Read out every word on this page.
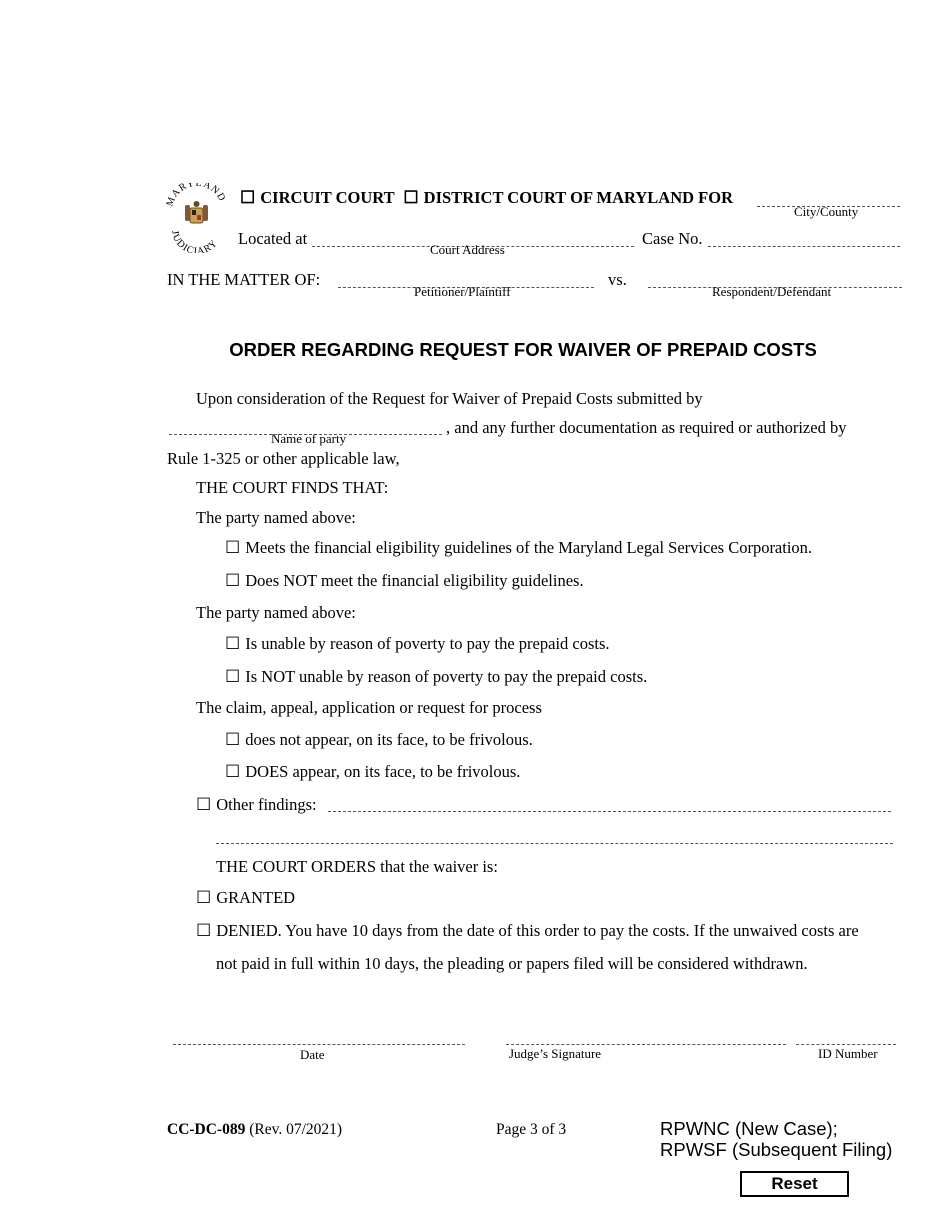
ARYLAND
JUDICIARY
☐ CIRCUIT COURT ☐ DISTRICT COURT OF MARYLAND FOR
City/County
Located at
Court Address
Case No.
IN THE MATTER OF:
Petitioner/Plaintiff
vs.
Respondent/Defendant
ORDER REGARDING REQUEST FOR WAIVER OF PREPAID COSTS
Upon consideration of the Request for Waiver of Prepaid Costs submitted by
Name of party
, and any further documentation as required or authorized by
Rule 1-325 or other applicable law,
THE COURT FINDS THAT:
The party named above:
☐ Meets the financial eligibility guidelines of the Maryland Legal Services Corporation.
☐ Does NOT meet the financial eligibility guidelines.
The party named above:
☐ Is unable by reason of poverty to pay the prepaid costs.
☐ Is NOT unable by reason of poverty to pay the prepaid costs.
The claim, appeal, application or request for process
☐ does not appear, on its face, to be frivolous.
☐ DOES appear, on its face, to be frivolous.
☐ Other findings:
THE COURT ORDERS that the waiver is:
☐ GRANTED
☐ DENIED. You have 10 days from the date of this order to pay the costs. If the unwaived costs are
not paid in full within 10 days, the pleading or papers filed will be considered withdrawn.
Date	Judge’s Signature	ID Number
CC-DC-089 (Rev. 07/2021)	Page 3 of 3	RPWNC (New Case);
RPWSF (Subsequent Filing)
Reset
